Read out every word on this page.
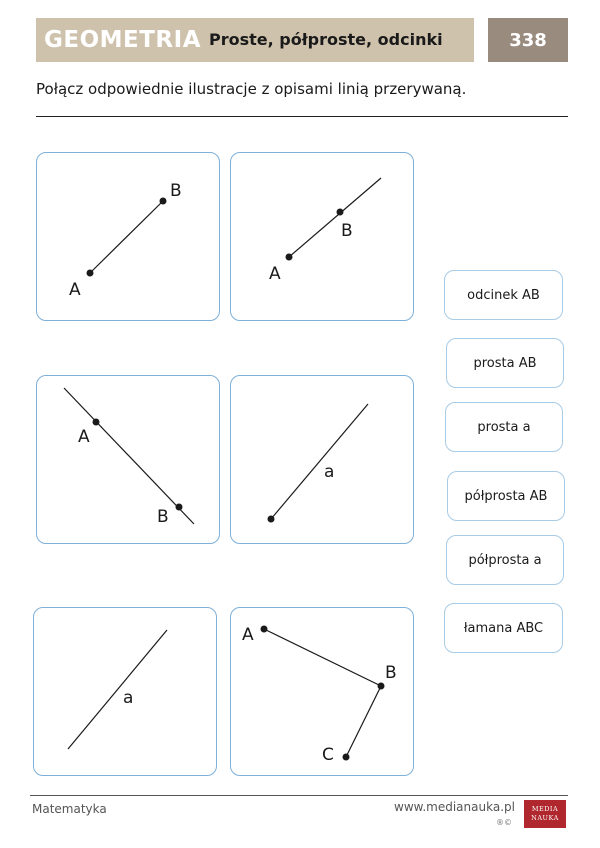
GEOMETRIA Proste, półproste, odcinki	338
Połącz odpowiednie ilustracje z opisami linią przerywaną.
A
B
A
B
A
B
a
a
A
B
C
odcinek AB
prosta AB
prosta a
półprosta AB
półprosta a
łamana ABC
Matematyka	www.medianauka.pl
®©
MEDIA
NAUKA
